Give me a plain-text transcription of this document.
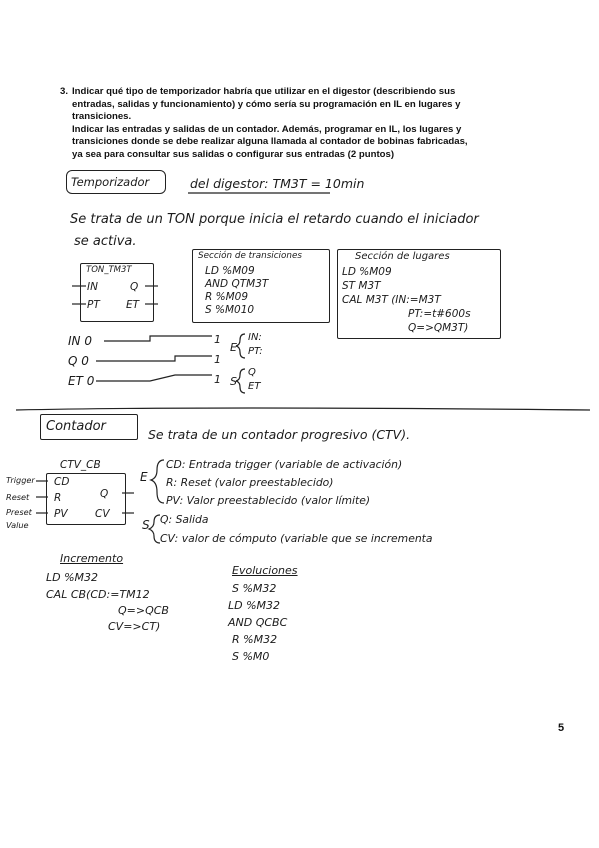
3. Indicar qué tipo de temporizador habría que utilizar en el digestor (describiendo sus

entradas, salidas y funcionamiento) y cómo sería su programación en IL en lugares y

transiciones.

Indicar las entradas y salidas de un contador. Además, programar en IL, los lugares y

transiciones donde se debe realizar alguna llamada al contador de bobinas fabricadas,

ya sea para consultar sus salidas o configurar sus entradas (2 puntos)

Temporizador	del digestor: TM3T = 10min
Se trata de un TON porque inicia el retardo cuando el iniciador
se activa.
TON_TM3T
IN
PT
Q
ET
Sección de transiciones
LD %M09
AND QTM3T
R %M09
S %M010
Sección de lugares
LD %M09
ST M3T
CAL M3T (IN:=M3T
PT:=t#600s
Q=>QM3T)
IN 0
Q 0
ET 0
1
1
1
E
IN:
PT:
S
Q
ET
Contador
Se trata de un contador progresivo (CTV).
CTV_CB
CD
R
PV
Q
CV
Trigger
Reset
Preset
Value
E
S
CD: Entrada trigger (variable de activación)
R: Reset (valor preestablecido)
PV: Valor preestablecido (valor límite)
Q: Salida
CV: valor de cómputo (variable que se incrementa
Incremento
LD %M32
CAL CB(CD:=TM12
Q=>QCB
CV=>CT)
Evoluciones
S %M32
LD %M32
AND QCBC
R %M32
S %M0
5
